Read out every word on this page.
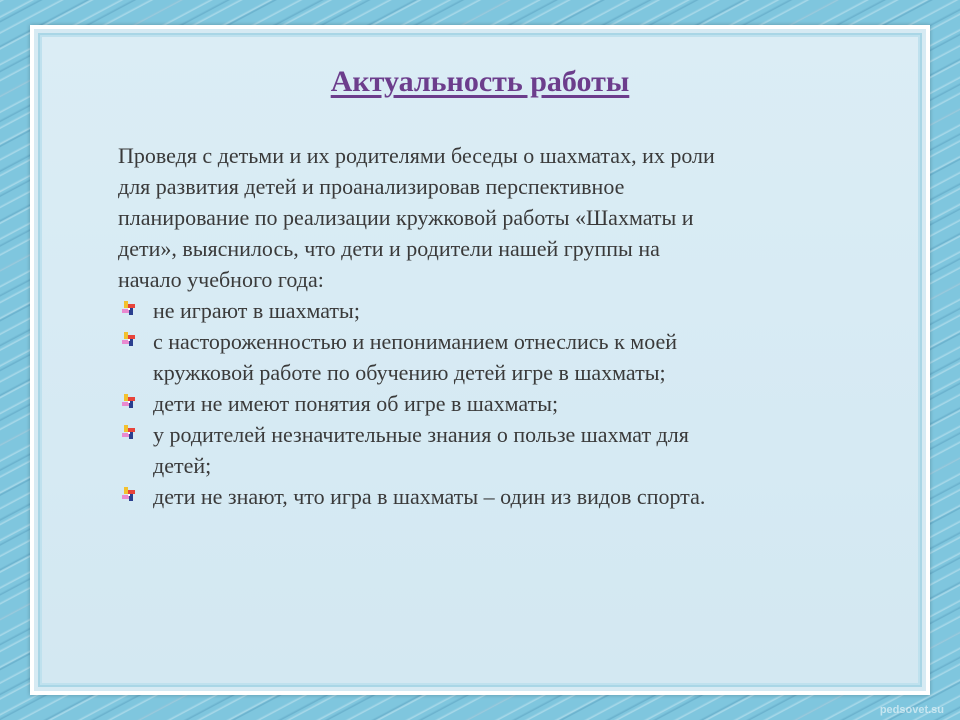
Актуальность работы

Проведя с детьми и их родителями беседы о шахматах, их роли
для развития детей и проанализировав перспективное
планирование по реализации кружковой работы «Шахматы и
дети», выяснилось, что дети и родители нашей группы на
начало учебного года:

не играют в шахматы;
с настороженностью и непониманием отнеслись к моей
кружковой работе по обучению детей игре в шахматы;
дети не имеют понятия об игре в шахматы;
у родителей незначительные знания о пользе шахмат для
детей;
дети не знают, что игра в шахматы – один из видов спорта.
pedsovet.su
